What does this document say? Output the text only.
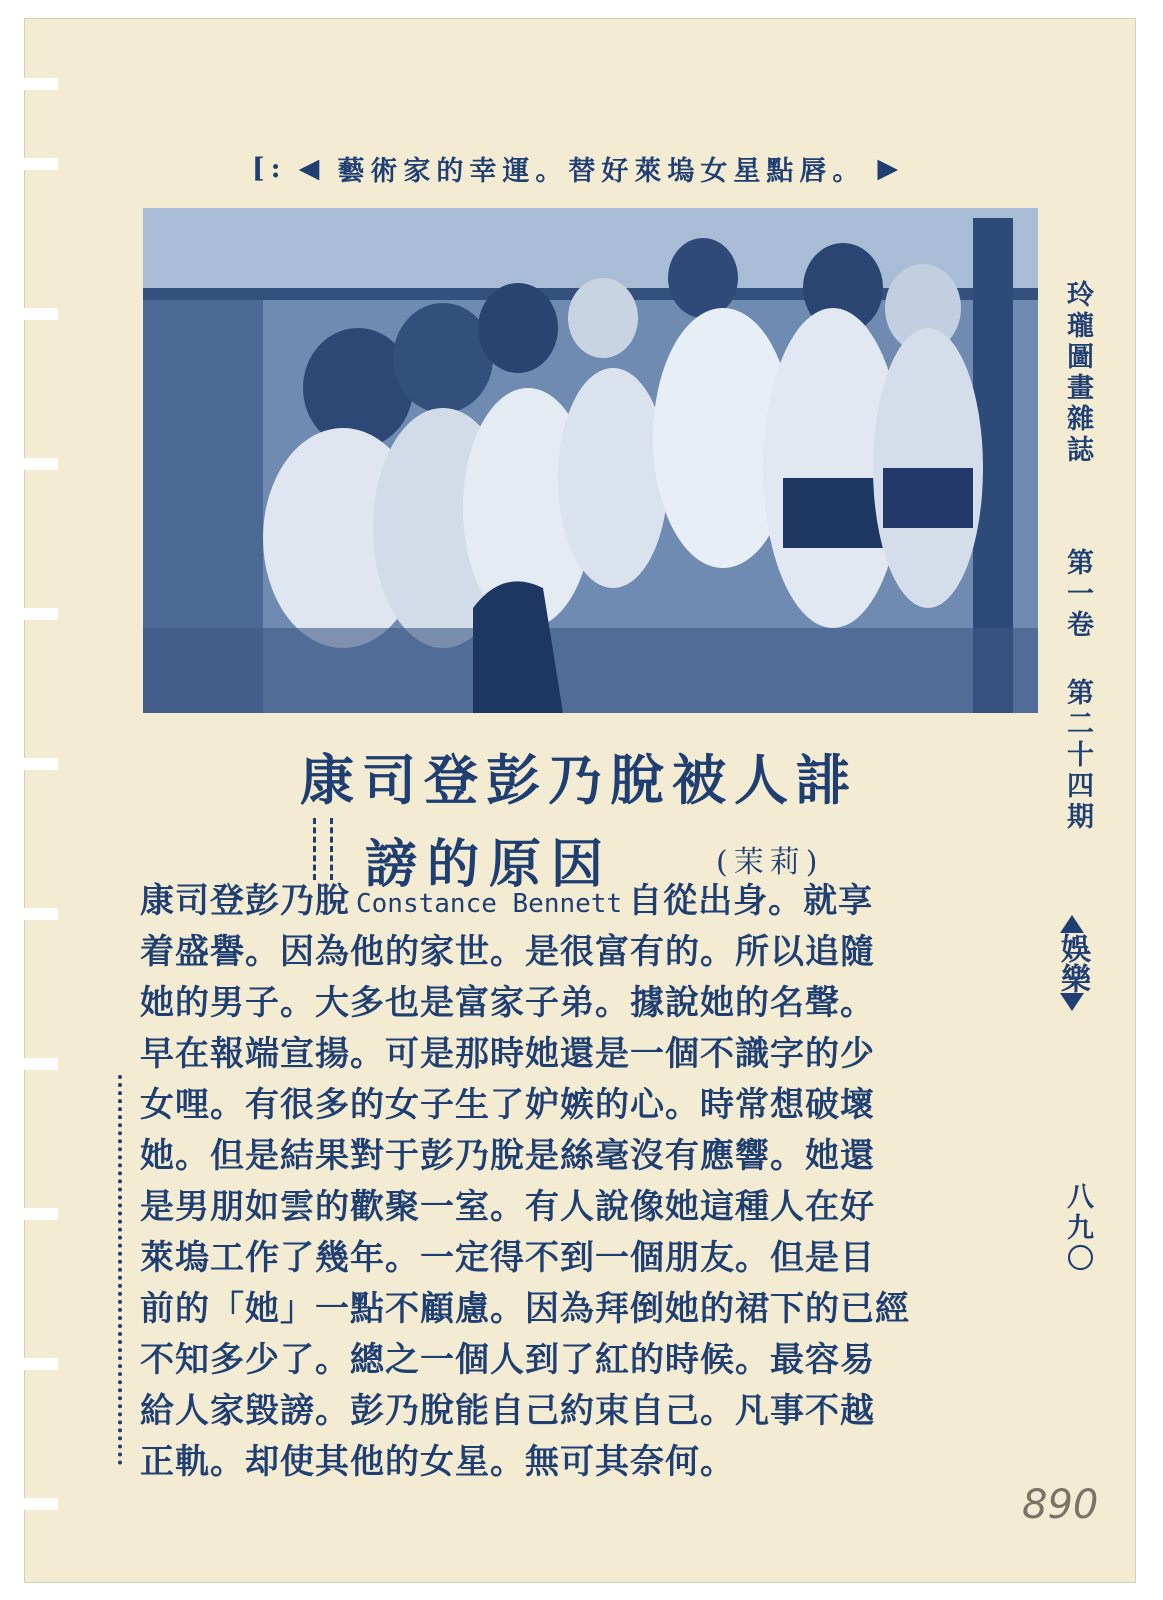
[: ◀ 藝術家的幸運。替好萊塢女星點唇。 ▶
康司登彭乃脫被人誹
謗的原因	(茉莉)
康司登彭乃脫 Constance Bennett 自從出身。就享
着盛譽。因為他的家世。是很富有的。所以追隨
她的男子。大多也是富家子弟。據說她的名聲。
早在報端宣揚。可是那時她還是一個不識字的少
女哩。有很多的女子生了妒嫉的心。時常想破壞
她。但是結果對于彭乃脫是絲毫沒有應響。她還
是男朋如雲的歡聚一室。有人說像她這種人在好
萊塢工作了幾年。一定得不到一個朋友。但是目
前的「她」一點不顧慮。因為拜倒她的裙下的已經
不知多少了。總之一個人到了紅的時候。最容易
給人家毀謗。彭乃脫能自己約束自己。凡事不越
正軌。却使其他的女星。無可其奈何。
玲瓏圖畫雜誌
第一卷
第二十四期
娛樂
八九〇
890
